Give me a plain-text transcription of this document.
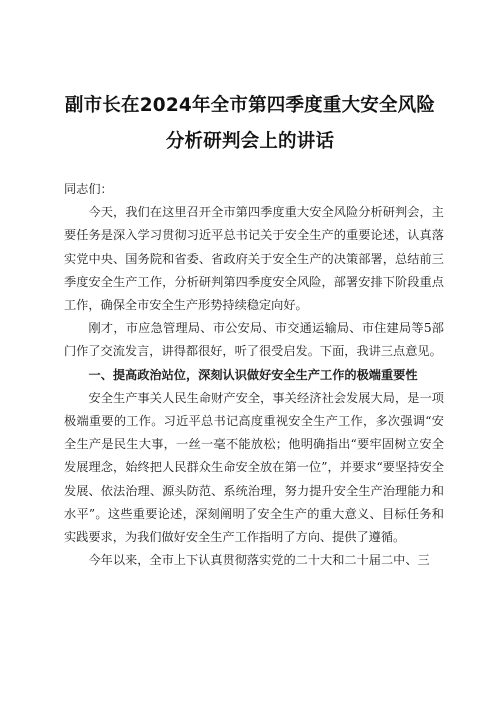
副市长在2024年全市第四季度重大安全风险
分析研判会上的讲话

同志们：

今天，我们在这里召开全市第四季度重大安全风险分析研判会，主要任务是深入学习贯彻习近平总书记关于安全生产的重要论述，认真落实党中央、国务院和省委、省政府关于安全生产的决策部署，总结前三季度安全生产工作，分析研判第四季度安全风险，部署安排下阶段重点工作，确保全市安全生产形势持续稳定向好。

刚才，市应急管理局、市公安局、市交通运输局、市住建局等5部门作了交流发言，讲得都很好，听了很受启发。下面，我讲三点意见。

一、提高政治站位，深刻认识做好安全生产工作的极端重要性

安全生产事关人民生命财产安全，事关经济社会发展大局，是一项极端重要的工作。习近平总书记高度重视安全生产工作，多次强调“安全生产是民生大事，一丝一毫不能放松；他明确指出“要牢固树立安全发展理念，始终把人民群众生命安全放在第一位”，并要求“要坚持安全发展、依法治理、源头防范、系统治理，努力提升安全生产治理能力和水平”。这些重要论述，深刻阐明了安全生产的重大意义、目标任务和实践要求，为我们做好安全生产工作指明了方向、提供了遵循。

今年以来，全市上下认真贯彻落实党的二十大和二十届二中、三
